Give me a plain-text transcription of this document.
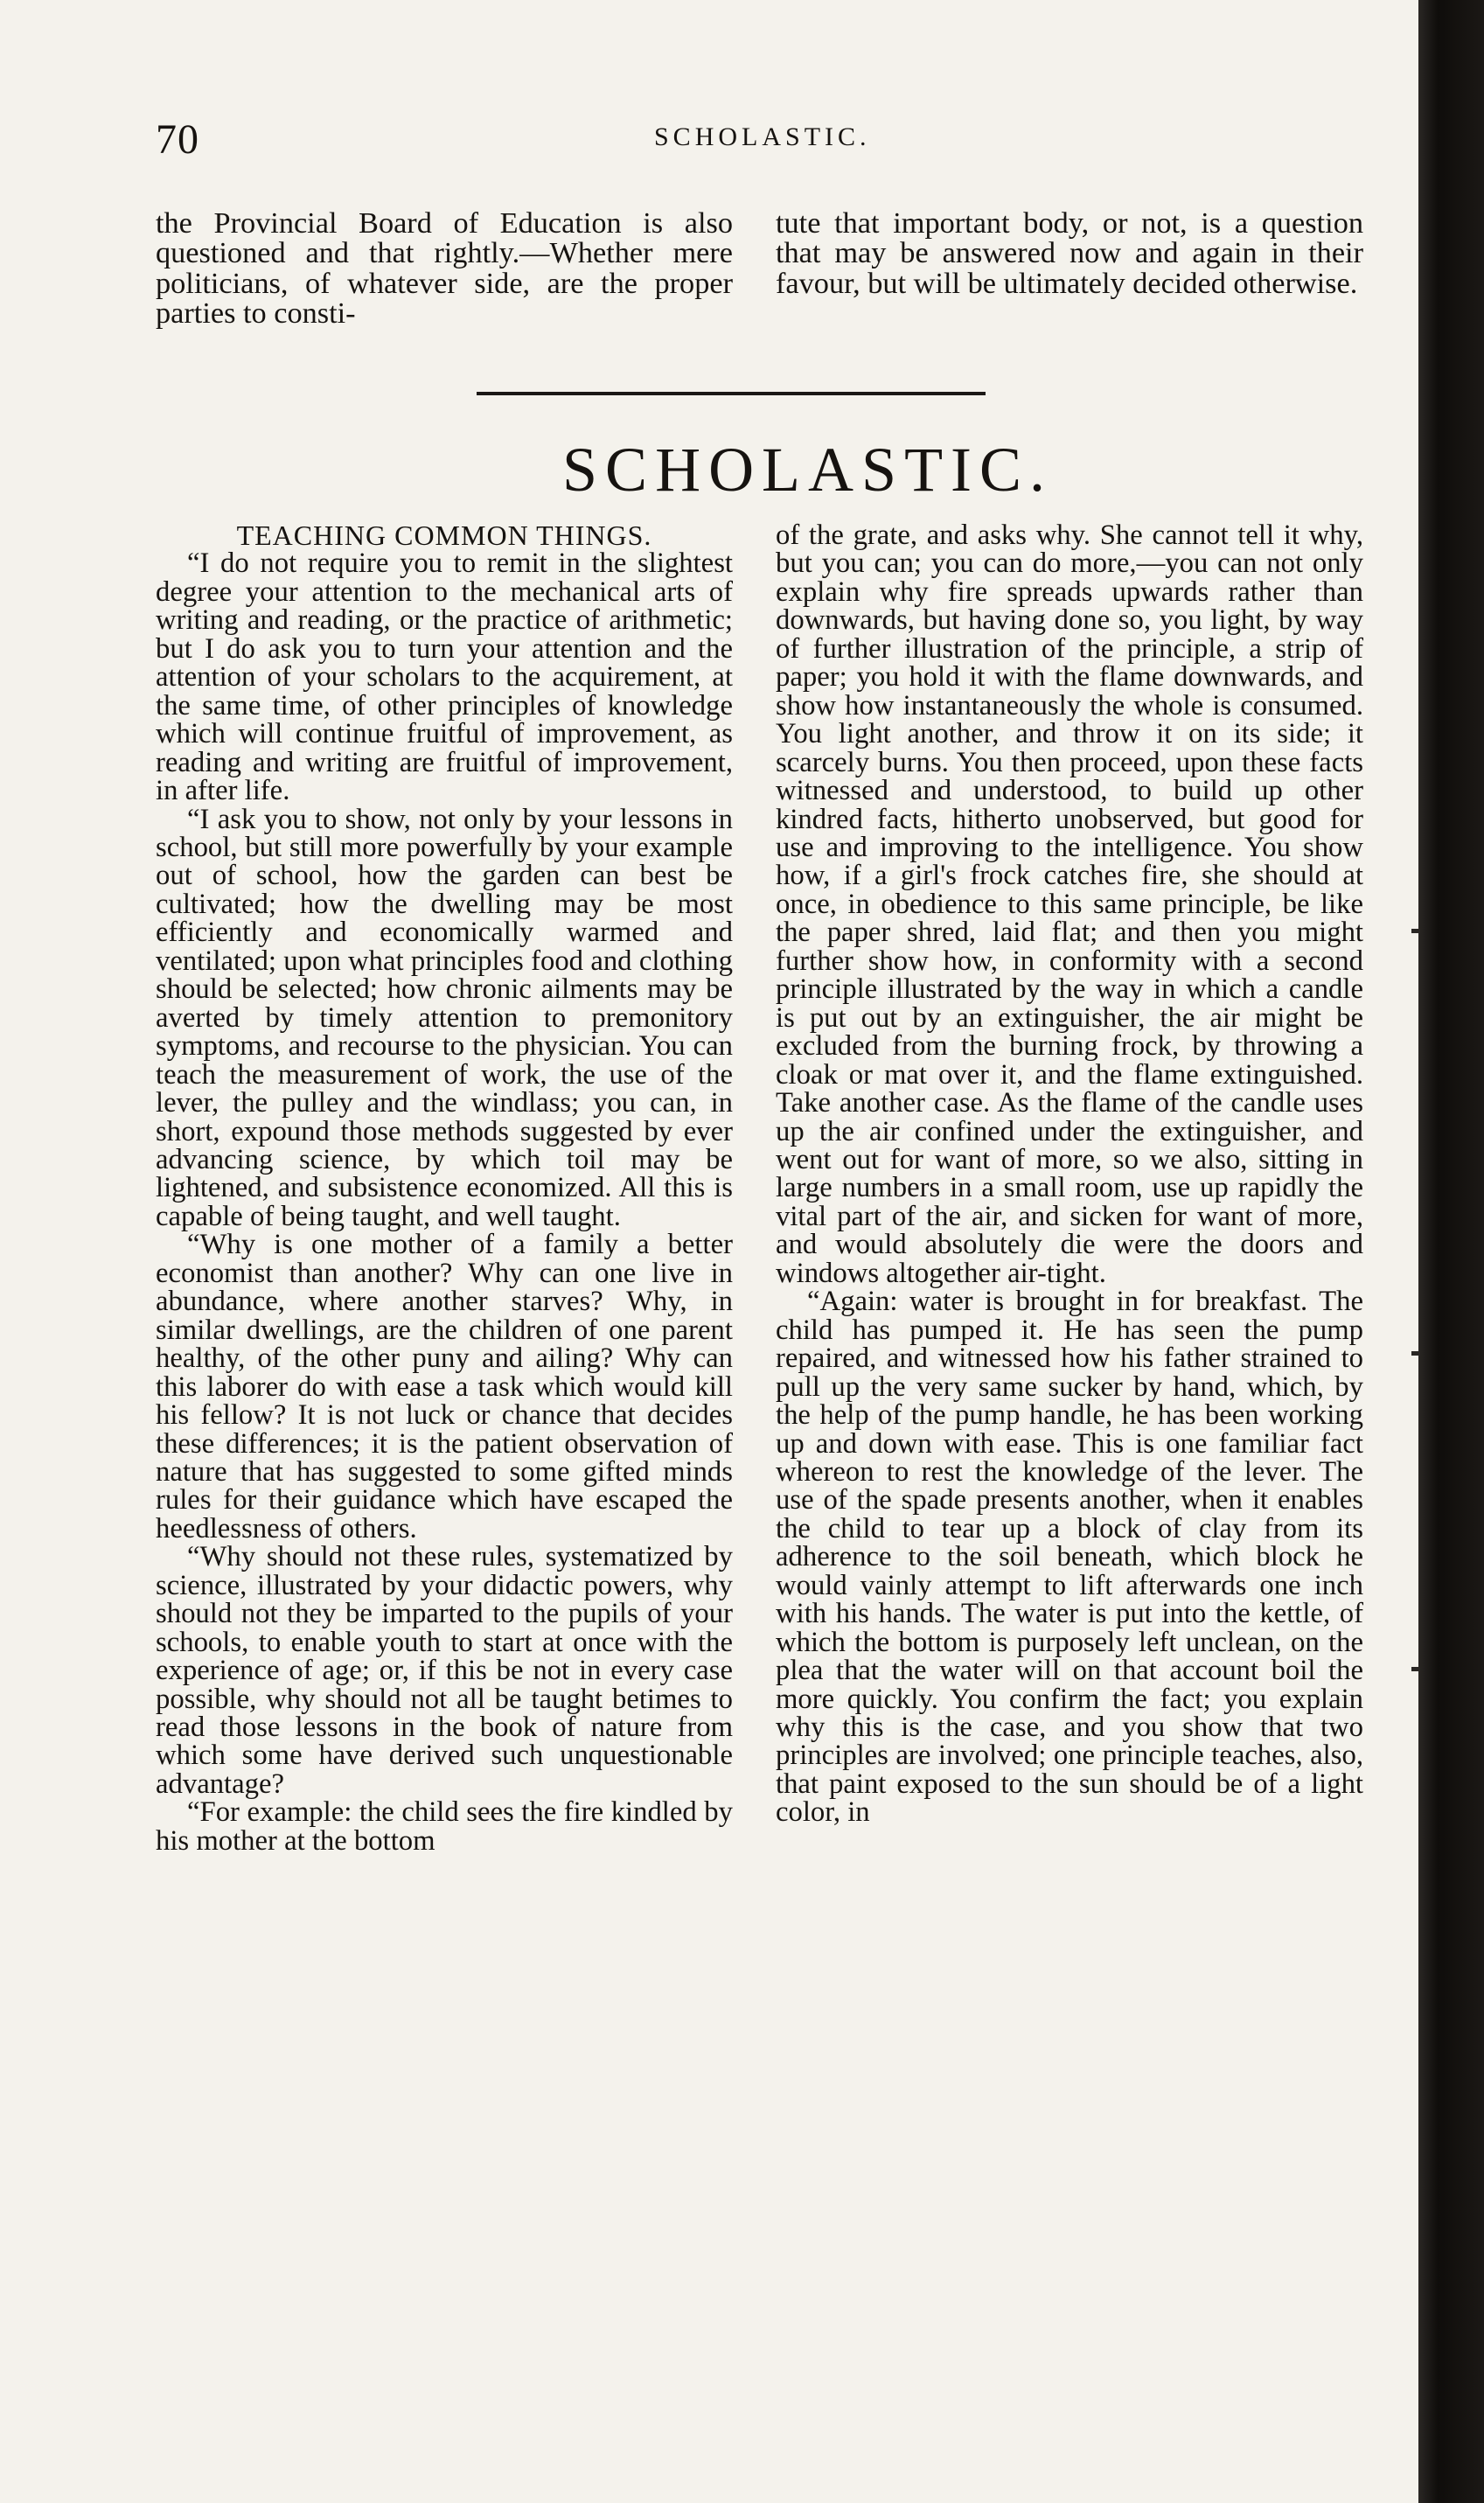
70	SCHOLASTIC.

the Provincial Board of Education is also questioned and that rightly.—Whether mere politicians, of whatever side, are the proper parties to consti-

tute that important body, or not, is a question that may be answered now and again in their favour, but will be ultimately decided otherwise.

SCHOLASTIC.

TEACHING COMMON THINGS.

“I do not require you to remit in the slightest degree your attention to the mechanical arts of writing and reading, or the practice of arithmetic; but I do ask you to turn your attention and the attention of your scholars to the acquirement, at the same time, of other principles of knowledge which will continue fruitful of improvement, as reading and writing are fruitful of improvement, in after life.

“I ask you to show, not only by your lessons in school, but still more powerfully by your example out of school, how the garden can best be cultivated; how the dwelling may be most efficiently and economically warmed and ventilated; upon what principles food and clothing should be selected; how chronic ailments may be averted by timely attention to premonitory symptoms, and recourse to the physician. You can teach the measurement of work, the use of the lever, the pulley and the windlass; you can, in short, expound those methods suggested by ever advancing science, by which toil may be lightened, and subsistence economized. All this is capable of being taught, and well taught.

“Why is one mother of a family a better economist than another? Why can one live in abundance, where another starves? Why, in similar dwellings, are the children of one parent healthy, of the other puny and ailing? Why can this laborer do with ease a task which would kill his fellow? It is not luck or chance that decides these differences; it is the patient observation of nature that has suggested to some gifted minds rules for their guidance which have escaped the heedlessness of others.

“Why should not these rules, systematized by science, illustrated by your didactic powers, why should not they be imparted to the pupils of your schools, to enable youth to start at once with the experience of age; or, if this be not in every case possible, why should not all be taught betimes to read those lessons in the book of nature from which some have derived such unquestionable advantage?

“For example: the child sees the fire kindled by his mother at the bottom

of the grate, and asks why. She cannot tell it why, but you can; you can do more,—you can not only explain why fire spreads upwards rather than downwards, but having done so, you light, by way of further illustration of the principle, a strip of paper; you hold it with the flame downwards, and show how instantaneously the whole is consumed. You light another, and throw it on its side; it scarcely burns. You then proceed, upon these facts witnessed and understood, to build up other kindred facts, hitherto unobserved, but good for use and improving to the intelligence. You show how, if a girl's frock catches fire, she should at once, in obedience to this same principle, be like the paper shred, laid flat; and then you might further show how, in conformity with a second principle illustrated by the way in which a candle is put out by an extinguisher, the air might be excluded from the burning frock, by throwing a cloak or mat over it, and the flame extinguished. Take another case. As the flame of the candle uses up the air confined under the extinguisher, and went out for want of more, so we also, sitting in large numbers in a small room, use up rapidly the vital part of the air, and sicken for want of more, and would absolutely die were the doors and windows altogether air-tight.

“Again: water is brought in for breakfast. The child has pumped it. He has seen the pump repaired, and witnessed how his father strained to pull up the very same sucker by hand, which, by the help of the pump handle, he has been working up and down with ease. This is one familiar fact whereon to rest the knowledge of the lever. The use of the spade presents another, when it enables the child to tear up a block of clay from its adherence to the soil beneath, which block he would vainly attempt to lift afterwards one inch with his hands. The water is put into the kettle, of which the bottom is purposely left unclean, on the plea that the water will on that account boil the more quickly. You confirm the fact; you explain why this is the case, and you show that two principles are involved; one principle teaches, also, that paint exposed to the sun should be of a light color, in
